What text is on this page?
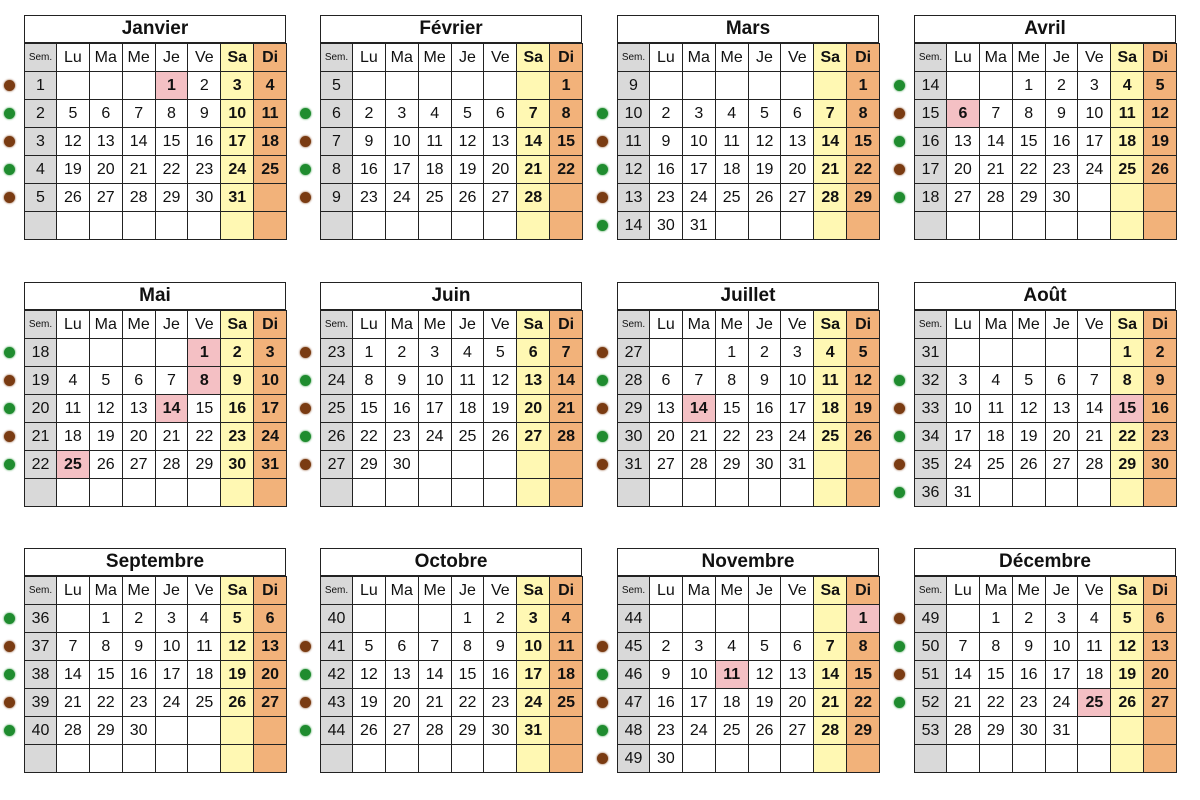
Janvier
Sem.	Lu	Ma	Me	Je	Ve	Sa	Di
1				1	2	3	4
2	5	6	7	8	9	10	11
3	12	13	14	15	16	17	18
4	19	20	21	22	23	24	25
5	26	27	28	29	30	31	

Février
Sem.	Lu	Ma	Me	Je	Ve	Sa	Di
5							1
6	2	3	4	5	6	7	8
7	9	10	11	12	13	14	15
8	16	17	18	19	20	21	22
9	23	24	25	26	27	28	

Mars
Sem.	Lu	Ma	Me	Je	Ve	Sa	Di
9							1
10	2	3	4	5	6	7	8
11	9	10	11	12	13	14	15
12	16	17	18	19	20	21	22
13	23	24	25	26	27	28	29
14	30	31					
Avril
Sem.	Lu	Ma	Me	Je	Ve	Sa	Di
14			1	2	3	4	5
15	6	7	8	9	10	11	12
16	13	14	15	16	17	18	19
17	20	21	22	23	24	25	26
18	27	28	29	30			

Mai
Sem.	Lu	Ma	Me	Je	Ve	Sa	Di
18					1	2	3
19	4	5	6	7	8	9	10
20	11	12	13	14	15	16	17
21	18	19	20	21	22	23	24
22	25	26	27	28	29	30	31

Juin
Sem.	Lu	Ma	Me	Je	Ve	Sa	Di
23	1	2	3	4	5	6	7
24	8	9	10	11	12	13	14
25	15	16	17	18	19	20	21
26	22	23	24	25	26	27	28
27	29	30					

Juillet
Sem.	Lu	Ma	Me	Je	Ve	Sa	Di
27			1	2	3	4	5
28	6	7	8	9	10	11	12
29	13	14	15	16	17	18	19
30	20	21	22	23	24	25	26
31	27	28	29	30	31		

Août
Sem.	Lu	Ma	Me	Je	Ve	Sa	Di
31						1	2
32	3	4	5	6	7	8	9
33	10	11	12	13	14	15	16
34	17	18	19	20	21	22	23
35	24	25	26	27	28	29	30
36	31						
Septembre
Sem.	Lu	Ma	Me	Je	Ve	Sa	Di
36		1	2	3	4	5	6
37	7	8	9	10	11	12	13
38	14	15	16	17	18	19	20
39	21	22	23	24	25	26	27
40	28	29	30				

Octobre
Sem.	Lu	Ma	Me	Je	Ve	Sa	Di
40				1	2	3	4
41	5	6	7	8	9	10	11
42	12	13	14	15	16	17	18
43	19	20	21	22	23	24	25
44	26	27	28	29	30	31	

Novembre
Sem.	Lu	Ma	Me	Je	Ve	Sa	Di
44							1
45	2	3	4	5	6	7	8
46	9	10	11	12	13	14	15
47	16	17	18	19	20	21	22
48	23	24	25	26	27	28	29
49	30						
Décembre
Sem.	Lu	Ma	Me	Je	Ve	Sa	Di
49		1	2	3	4	5	6
50	7	8	9	10	11	12	13
51	14	15	16	17	18	19	20
52	21	22	23	24	25	26	27
53	28	29	30	31			
